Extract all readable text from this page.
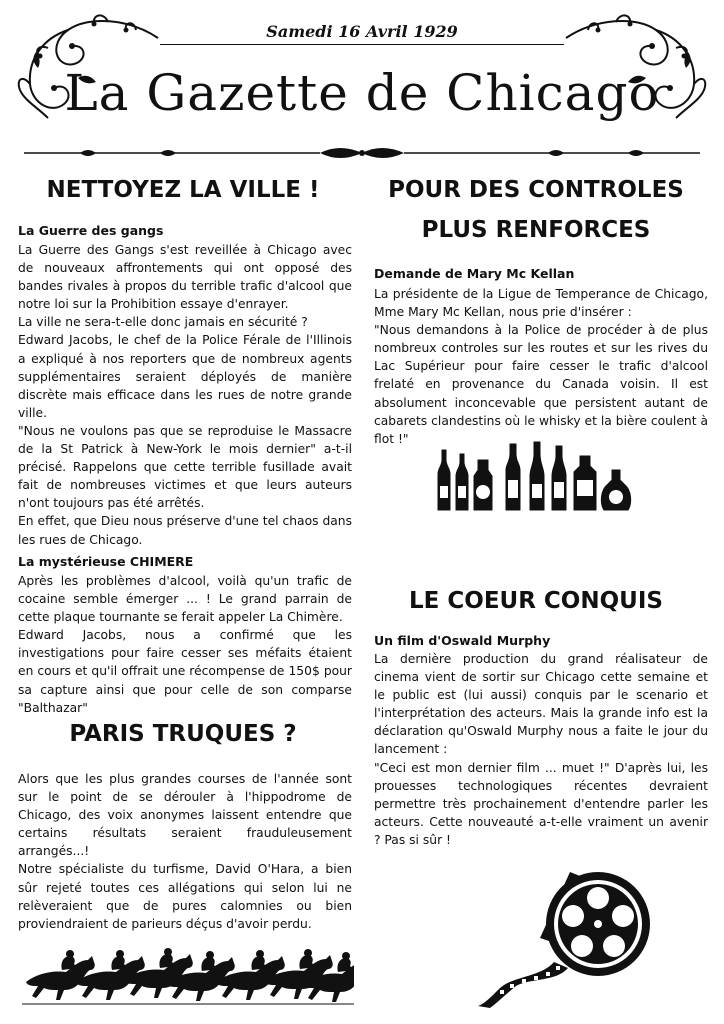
Samedi 16 Avril 1929
La Gazette de Chicago
NETTOYEZ LA VILLE !
La Guerre des gangs

La Guerre des Gangs s'est reveillée à Chicago avec de nouveaux affrontements qui ont opposé des bandes rivales à propos du terrible trafic d'alcool que notre loi sur la Prohibition essaye d'enrayer.

La ville ne sera-t-elle donc jamais en sécurité ?

Edward Jacobs, le chef de la Police Férale de l'Illinois a expliqué à nos reporters que de nombreux agents supplémentaires seraient déployés de manière discrète mais efficace dans les rues de notre grande ville.

"Nous ne voulons pas que se reproduise le Massacre de la St Patrick à New-York le mois dernier" a-t-il précisé. Rappelons que cette terrible fusillade avait fait de nombreuses victimes et que leurs auteurs n'ont toujours pas été arrêtés.

En effet, que Dieu nous préserve d'une tel chaos dans les rues de Chicago.

La mystérieuse CHIMERE

Après les problèmes d'alcool, voilà qu'un trafic de cocaine semble émerger ... ! Le grand parrain de cette plaque tournante se ferait appeler La Chimère.

Edward Jacobs, nous a confirmé que les investigations pour faire cesser ses méfaits étaient en cours et qu'il offrait une récompense de 150$ pour sa capture ainsi que pour celle de son comparse "Balthazar"

PARIS TRUQUES ?

Alors que les plus grandes courses de l'année sont sur le point de se dérouler à l'hippodrome de Chicago, des voix anonymes laissent entendre que certains résultats seraient frauduleusement arrangés...!

Notre spécialiste du turfisme, David O'Hara, a bien sûr rejeté toutes ces allégations qui selon lui ne relèveraient que de pures calomnies ou bien proviendraient de parieurs déçus d'avoir perdu.

POUR DES CONTROLES
PLUS RENFORCES
Demande de Mary Mc Kellan

La présidente de la Ligue de Temperance de Chicago, Mme Mary Mc Kellan, nous prie d'insérer :

"Nous demandons à la Police de procéder à de plus nombreux controles sur les routes et sur les rives du Lac Supérieur pour faire cesser le trafic d'alcool frelaté en provenance du Canada voisin. Il est absolument inconcevable que persistent autant de cabarets clandestins où le whisky et la bière coulent à flot !"

LE COEUR CONQUIS
Un film d'Oswald Murphy

La dernière production du grand réalisateur de cinema vient de sortir sur Chicago cette semaine et le public est (lui aussi) conquis par le scenario et l'interprétation des acteurs. Mais la grande info est la déclaration qu'Oswald Murphy nous a faite le jour du lancement :

"Ceci est mon dernier film ... muet !" D'après lui, les prouesses technologiques récentes devraient permettre très prochainement d'entendre parler les acteurs. Cette nouveauté a-t-elle vraiment un avenir ? Pas si sûr !
